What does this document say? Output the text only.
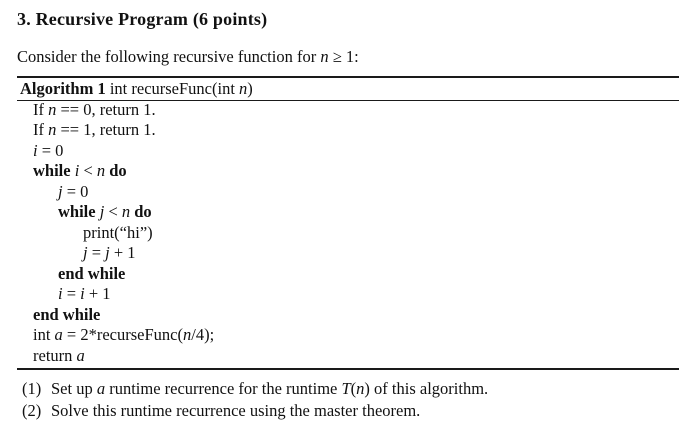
3. Recursive Program (6 points)
Consider the following recursive function for n ≥ 1:
Algorithm 1 int recurseFunc(int n)
If n == 0, return 1.
If n == 1, return 1.
i = 0
while i < n do
j = 0
while j < n do
print(“hi”)
j = j + 1
end while
i = i + 1
end while
int a = 2*recurseFunc(n/4);
return a
(1) Set up a runtime recurrence for the runtime T(n) of this algorithm.
(2) Solve this runtime recurrence using the master theorem.
